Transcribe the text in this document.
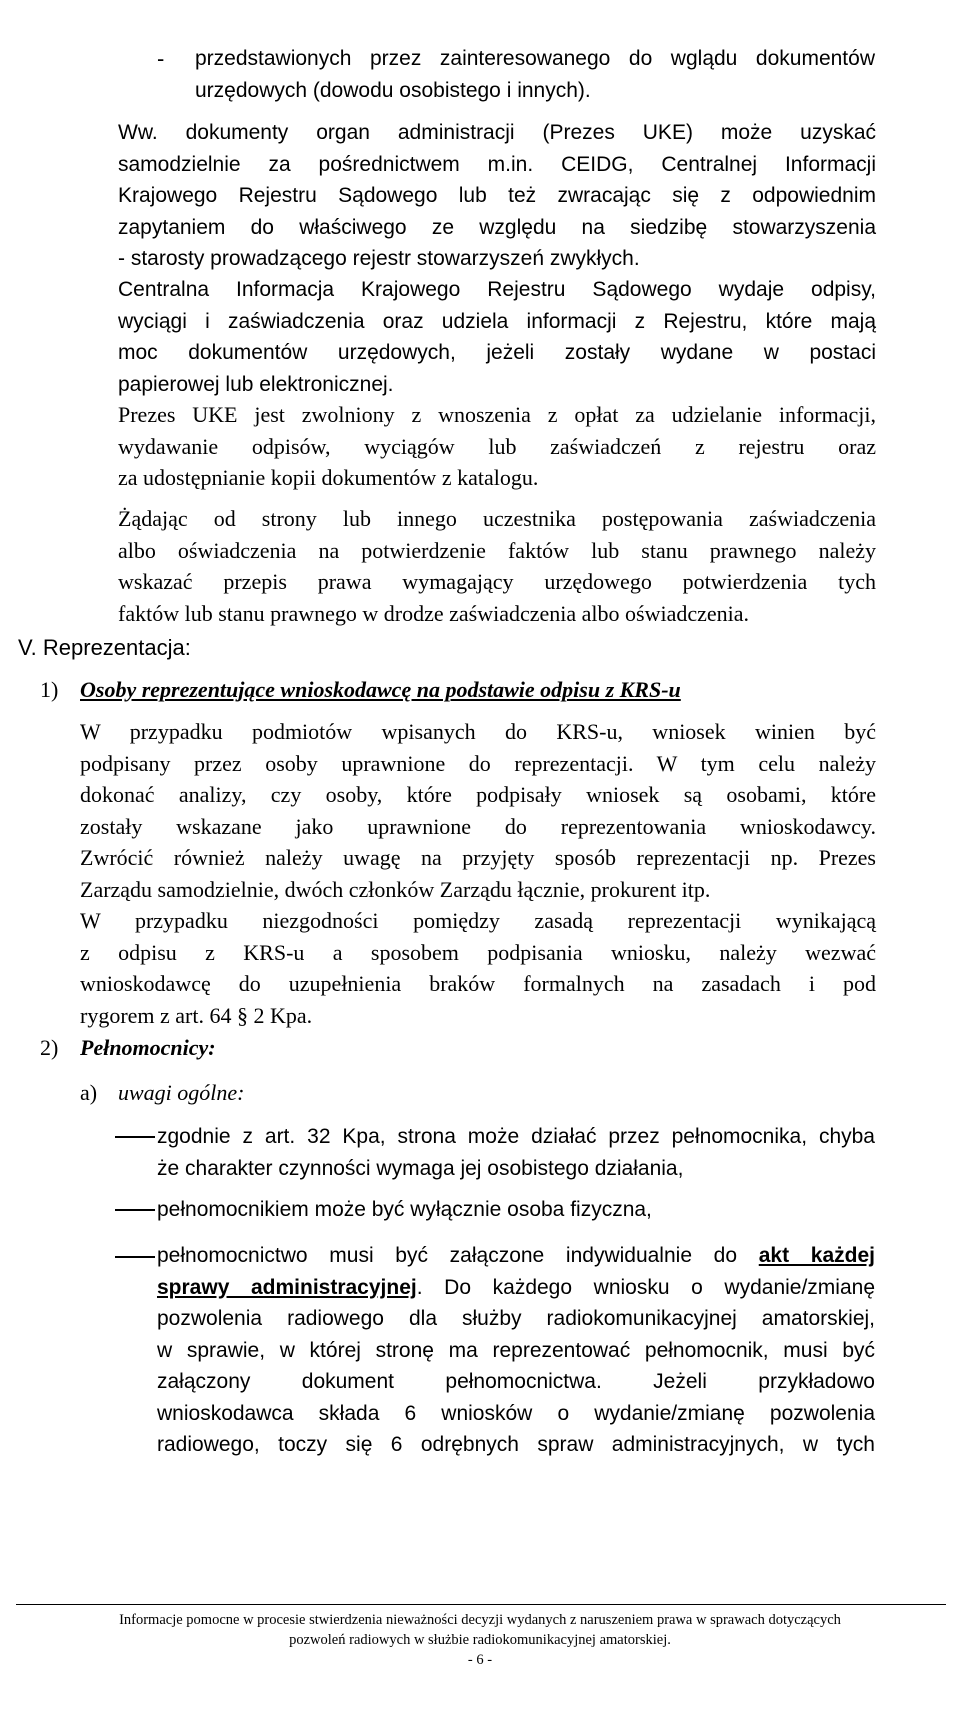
- przedstawionych przez zainteresowanego do wglądu dokumentów
urzędowych (dowodu osobistego i innych).
Ww. dokumenty organ administracji (Prezes UKE) może uzyskać
samodzielnie za pośrednictwem m.in. CEIDG, Centralnej Informacji
Krajowego Rejestru Sądowego lub też zwracając się z odpowiednim
zapytaniem do właściwego ze względu na siedzibę stowarzyszenia
- starosty prowadzącego rejestr stowarzyszeń zwykłych.
Centralna Informacja Krajowego Rejestru Sądowego wydaje odpisy,
wyciągi i zaświadczenia oraz udziela informacji z Rejestru, które mają
moc dokumentów urzędowych, jeżeli zostały wydane w postaci
papierowej lub elektronicznej.
Prezes UKE jest zwolniony z wnoszenia z opłat za udzielanie informacji,
wydawanie odpisów, wyciągów lub zaświadczeń z rejestru oraz
za udostępnianie kopii dokumentów z katalogu.
Żądając od strony lub innego uczestnika postępowania zaświadczenia
albo oświadczenia na potwierdzenie faktów lub stanu prawnego należy
wskazać przepis prawa wymagający urzędowego potwierdzenia tych
faktów lub stanu prawnego w drodze zaświadczenia albo oświadczenia.
V. Reprezentacja:
1) Osoby reprezentujące wnioskodawcę na podstawie odpisu z KRS-u
W przypadku podmiotów wpisanych do KRS-u, wniosek winien być
podpisany przez osoby uprawnione do reprezentacji. W tym celu należy
dokonać analizy, czy osoby, które podpisały wniosek są osobami, które
zostały wskazane jako uprawnione do reprezentowania wnioskodawcy.
Zwrócić również należy uwagę na przyjęty sposób reprezentacji np. Prezes
Zarządu samodzielnie, dwóch członków Zarządu łącznie, prokurent itp.
W przypadku niezgodności pomiędzy zasadą reprezentacji wynikającą
z odpisu z KRS-u a sposobem podpisania wniosku, należy wezwać
wnioskodawcę do uzupełnienia braków formalnych na zasadach i pod
rygorem z art. 64 § 2 Kpa.
2) Pełnomocnicy:
a) uwagi ogólne:
zgodnie z art. 32 Kpa, strona może działać przez pełnomocnika, chyba
że charakter czynności wymaga jej osobistego działania,
pełnomocnikiem może być wyłącznie osoba fizyczna,
pełnomocnictwo musi być załączone indywidualnie do akt każdej
sprawy administracyjnej. Do każdego wniosku o wydanie/zmianę
pozwolenia radiowego dla służby radiokomunikacyjnej amatorskiej,
w sprawie, w której stronę ma reprezentować pełnomocnik, musi być
załączony dokument pełnomocnictwa. Jeżeli przykładowo
wnioskodawca składa 6 wniosków o wydanie/zmianę pozwolenia
radiowego, toczy się 6 odrębnych spraw administracyjnych, w tych
Informacje pomocne w procesie stwierdzenia nieważności decyzji wydanych z naruszeniem prawa w sprawach dotyczących
pozwoleń radiowych w służbie radiokomunikacyjnej amatorskiej.
- 6 -
